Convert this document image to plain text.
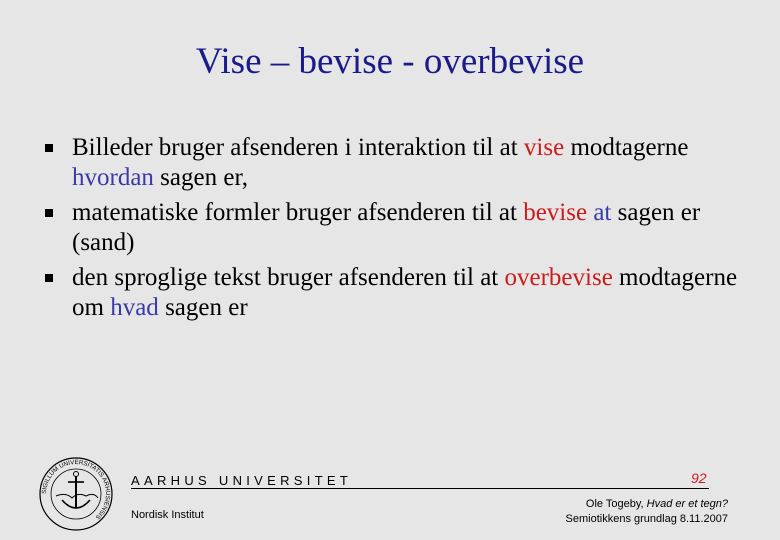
Vise – bevise - overbevise
Billeder bruger afsenderen i interaktion til at vise modtagerne hvordan sagen er,
matematiske formler bruger afsenderen til at bevise at sagen er (sand)
den sproglige tekst bruger afsenderen til at overbevise modtagerne om hvad sagen er
SIGILLUM UNIVERSITATIS ARHUSIENSIS
AARHUS UNIVERSITET
Nordisk Institut
92
Ole Togeby, Hvad er et tegn?
Semiotikkens grundlag 8.11.2007
